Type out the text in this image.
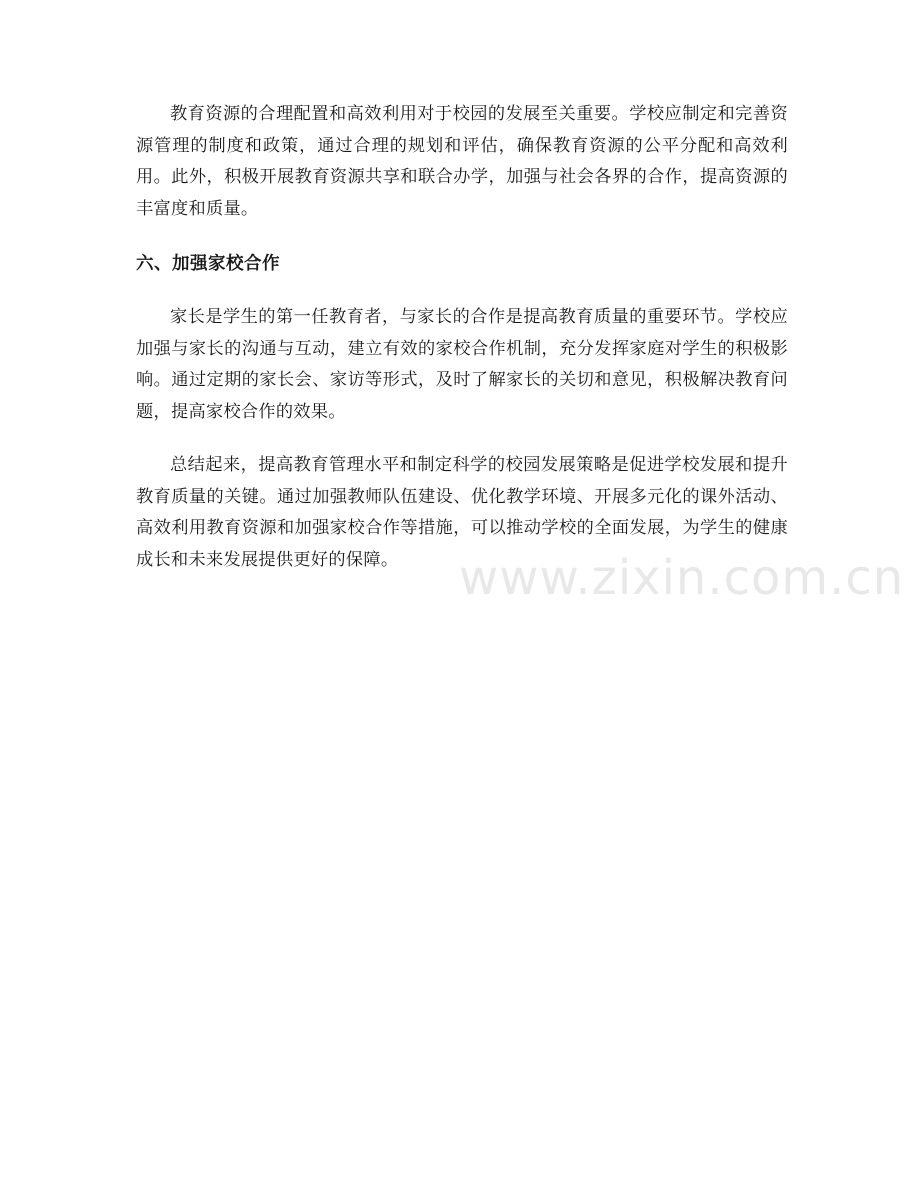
教育资源的合理配置和高效利用对于校园的发展至关重要。学校应制定和完善资源管理的制度和政策，通过合理的规划和评估，确保教育资源的公平分配和高效利用。此外，积极开展教育资源共享和联合办学，加强与社会各界的合作，提高资源的丰富度和质量。

六、加强家校合作

家长是学生的第一任教育者，与家长的合作是提高教育质量的重要环节。学校应加强与家长的沟通与互动，建立有效的家校合作机制，充分发挥家庭对学生的积极影响。通过定期的家长会、家访等形式，及时了解家长的关切和意见，积极解决教育问题，提高家校合作的效果。

总结起来，提高教育管理水平和制定科学的校园发展策略是促进学校发展和提升教育质量的关键。通过加强教师队伍建设、优化教学环境、开展多元化的课外活动、高效利用教育资源和加强家校合作等措施，可以推动学校的全面发展，为学生的健康成长和未来发展提供更好的保障。	www.zixin.com.cn
